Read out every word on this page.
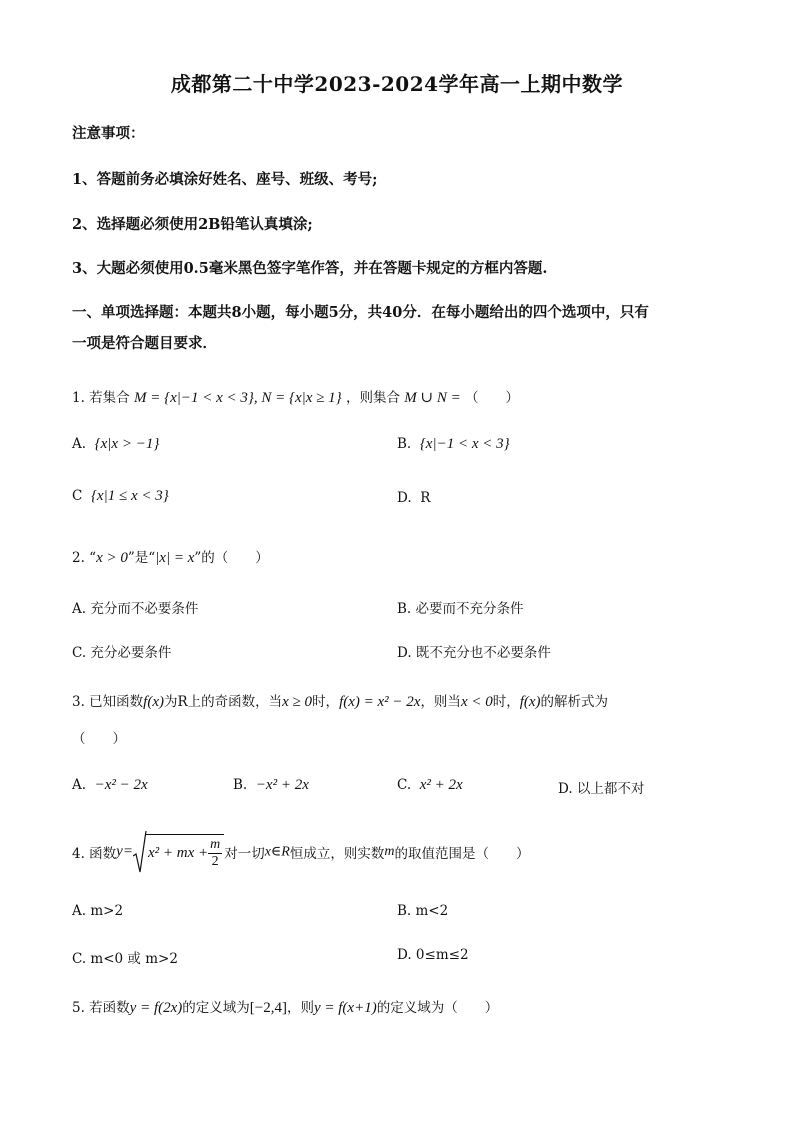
成都第二十中学2023-2024学年高一上期中数学
注意事项：
1、答题前务必填涂好姓名、座号、班级、考号;
2、选择题必须使用2B铅笔认真填涂;
3、大题必须使用0.5毫米黑色签字笔作答，并在答题卡规定的方框内答题.
一、单项选择题：本题共8小题，每小题5分，共40分．在每小题给出的四个选项中，只有
一项是符合题目要求．
1. 若集合 M = {x|−1 < x < 3}, N = {x|x ≥ 1} ，则集合 M ∪ N = （　　）
A. {x|x > −1}	B. {x|−1 < x < 3}
C {x|1 ≤ x < 3}	D. R
2. “x > 0”是“|x| = x”的（　　）
A. 充分而不必要条件	B. 必要而不充分条件
C. 充分必要条件	D. 既不充分也不必要条件
3. 已知函数f(x)为R上的奇函数，当x ≥ 0时，f(x) = x² − 2x，则当x < 0时，f(x)的解析式为
（　　）
A. −x² − 2x	B. −x² + 2x	C. x² + 2x	D. 以上都不对
4. 函数y= x² + mx + $\frac{m}{2}$ 对一切x∈R恒成立，则实数m的取值范围是（　　）
A. m>2	B. m<2
C. m<0 或 m>2	D. 0≤m≤2
5. 若函数y = f(2x)的定义域为[−2,4]，则y = f(x+1)的定义域为（　　）
